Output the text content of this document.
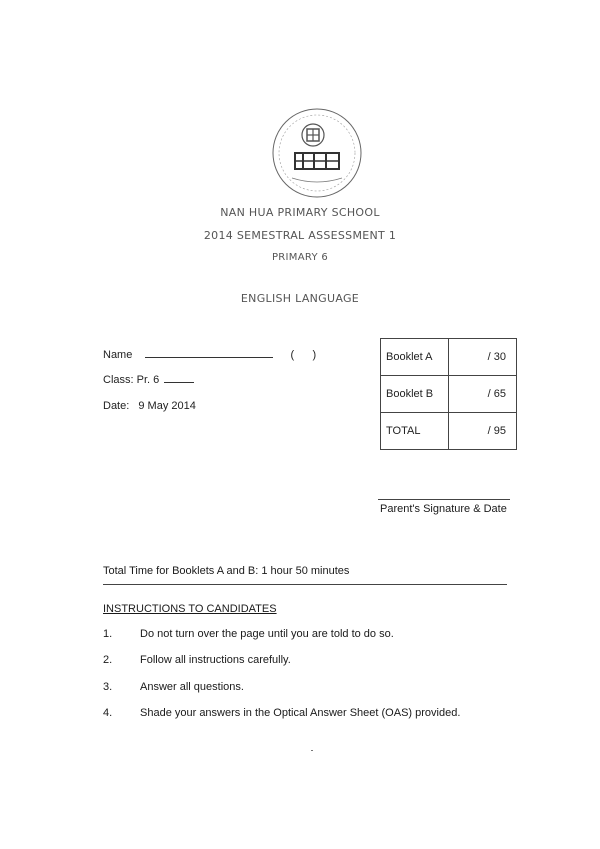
NAN HUA PRIMARY SCHOOL
2014 SEMESTRAL ASSESSMENT 1
PRIMARY 6
ENGLISH LANGUAGE
Name	(      )
Class: Pr. 6
Date: 9 May 2014
Booklet A	/ 30
Booklet B	/ 65
TOTAL	/ 95
Parent's Signature & Date
Total Time for Booklets A and B: 1 hour 50 minutes
INSTRUCTIONS TO CANDIDATES
1.	Do not turn over the page until you are told to do so.
2.	Follow all instructions carefully.
3.	Answer all questions.
4.	Shade your answers in the Optical Answer Sheet (OAS) provided.
